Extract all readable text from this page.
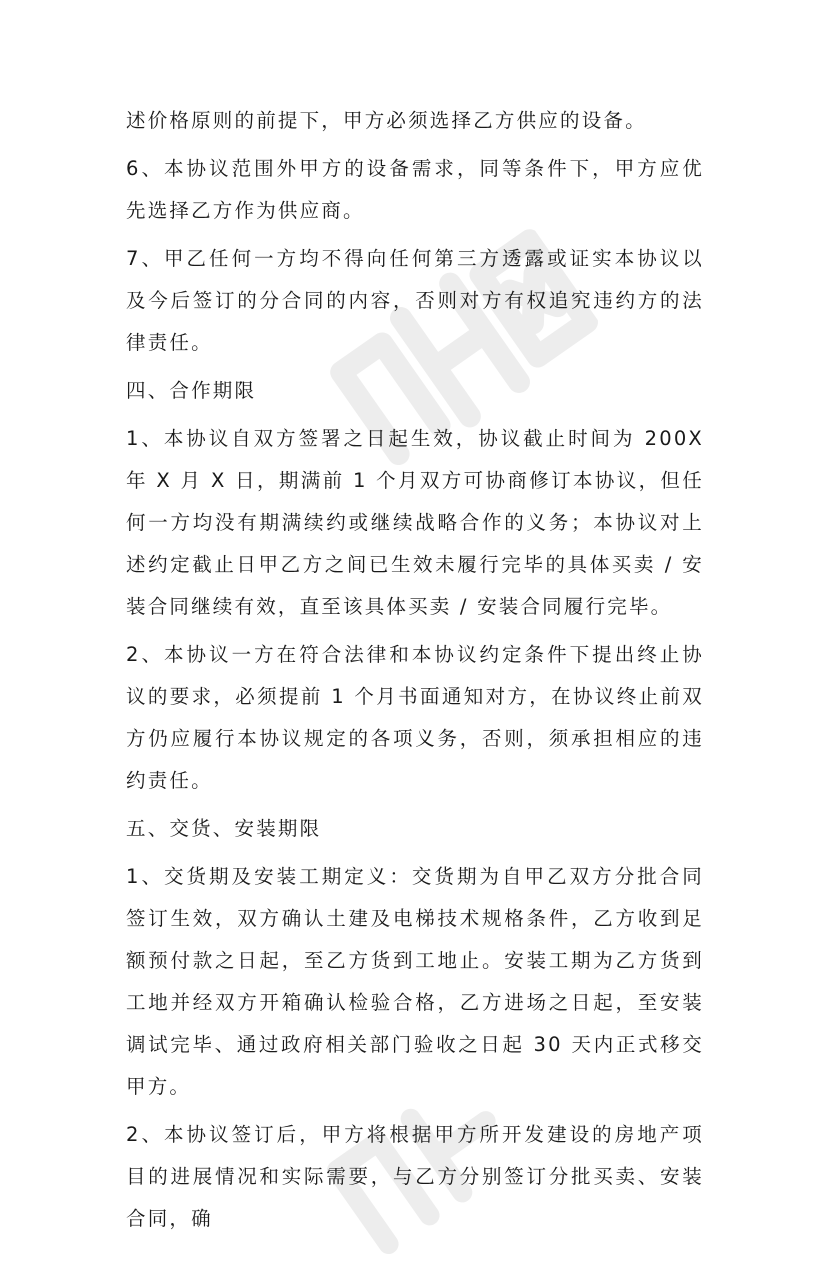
述价格原则的前提下，甲方必须选择乙方供应的设备。

6、本协议范围外甲方的设备需求，同等条件下，甲方应优先选择乙方作为供应商。

7、甲乙任何一方均不得向任何第三方透露或证实本协议以及今后签订的分合同的内容，否则对方有权追究违约方的法律责任。

四、合作期限

1、本协议自双方签署之日起生效，协议截止时间为 200X 年 X 月 X 日，期满前 1 个月双方可协商修订本协议，但任何一方均没有期满续约或继续战略合作的义务；本协议对上述约定截止日甲乙方之间已生效未履行完毕的具体买卖 / 安装合同继续有效，直至该具体买卖 / 安装合同履行完毕。

2、本协议一方在符合法律和本协议约定条件下提出终止协议的要求，必须提前 1 个月书面通知对方，在协议终止前双方仍应履行本协议规定的各项义务，否则，须承担相应的违约责任。

五、交货、安装期限

1、交货期及安装工期定义：交货期为自甲乙双方分批合同签订生效，双方确认土建及电梯技术规格条件，乙方收到足额预付款之日起，至乙方货到工地止。安装工期为乙方货到工地并经双方开箱确认检验合格，乙方进场之日起，至安装调试完毕、通过政府相关部门验收之日起 30 天内正式移交甲方。

2、本协议签订后，甲方将根据甲方所开发建设的房地产项目的进展情况和实际需要，与乙方分别签订分批买卖、安装合同，确
